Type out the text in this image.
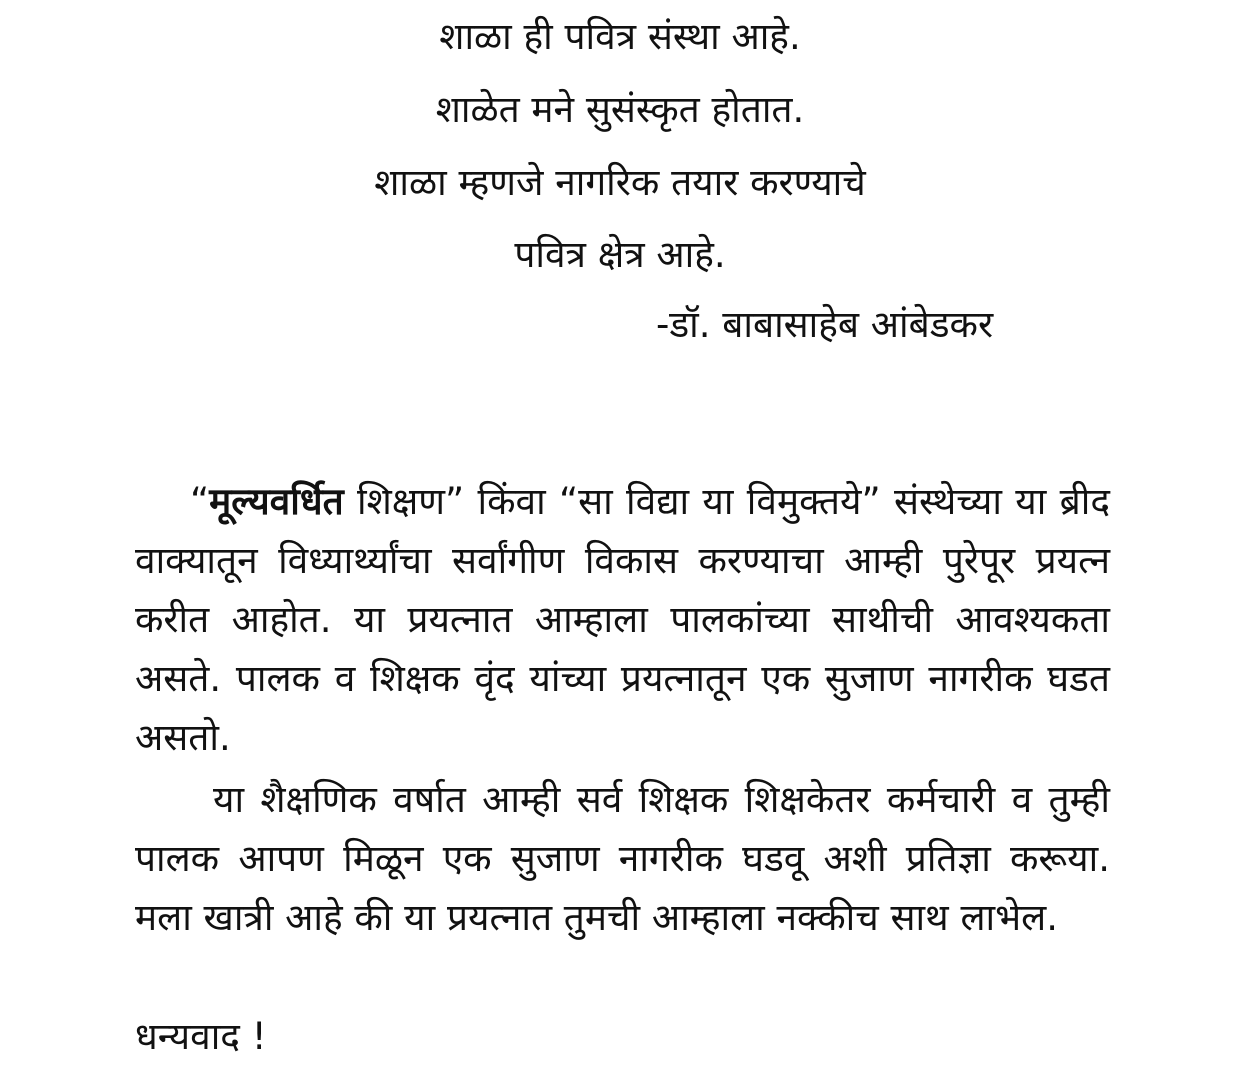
शाळा ही पवित्र संस्था आहे.
शाळेत मने सुसंस्कृत होतात.
शाळा म्हणजे नागरिक तयार करण्याचे
पवित्र क्षेत्र आहे.
-डॉ. बाबासाहेब आंबेडकर

“मूल्यवर्धित शिक्षण” किंवा “सा विद्या या विमुक्तये” संस्थेच्या या ब्रीद वाक्यातून विध्यार्थ्यांचा सर्वांगीण विकास करण्याचा आम्ही पुरेपूर प्रयत्न करीत आहोत. या प्रयत्नात आम्हाला पालकांच्या साथीची आवश्यकता असते. पालक व शिक्षक वृंद यांच्या प्रयत्नातून एक सुजाण नागरीक घडत असतो.

या शैक्षणिक वर्षात आम्ही सर्व शिक्षक शिक्षकेतर कर्मचारी व तुम्ही पालक आपण मिळून एक सुजाण नागरीक घडवू अशी प्रतिज्ञा करूया. मला खात्री आहे की या प्रयत्नात तुमची आम्हाला नक्कीच साथ लाभेल.

धन्यवाद !
